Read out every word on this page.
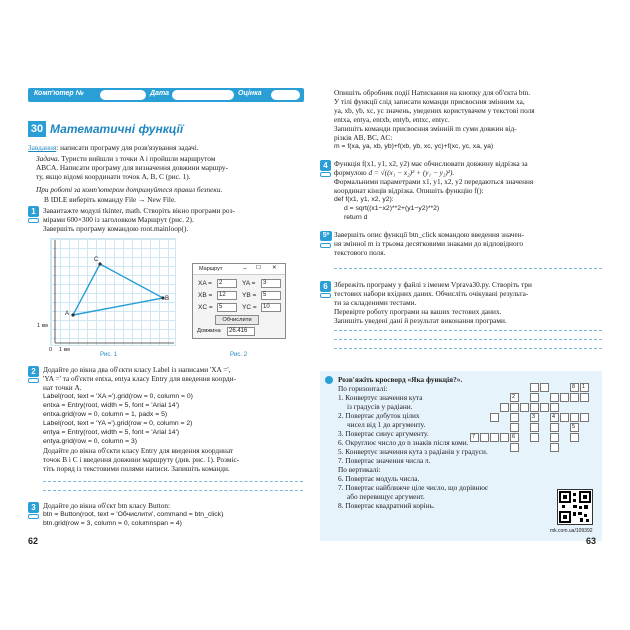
Комп'ютер №	Дата	Оцінка
30 Математичні функції
Завдання: написати програму для розв'язування задачі.
Задача. Туристи вийшли з точки A і пройшли маршрутом
ABCA. Написати програму для визначення довжини маршру-
ту, якщо відомі координати точок A, B, C (рис. 1).
При роботі за комп'ютером дотримуйтеся правил безпеки.
В IDLE виберіть команду File → New File.
1 Завантажте модулі tkinter, math. Створіть вікно програми роз-
мірами 600×300 із заголовком Маршрут (рис. 2).
Завершіть програму командою root.mainloop().
A
B
C
1 км
1 км
0
Рис. 1
Маршрут	– ☐ ✕
XA =	2	YA =	3
XB =	12	YB =	5
XC =	5	YC =	10
Обчислити
Довжина	26.416
Рис. 2
2 Додайте до вікна два об'єкти класу Label із написами 'XA =',
'YA =' та об'єкти entxa, entya класу Entry для введення коорди-
нат точки A.
Label(root, text = 'XA =').grid(row = 0, column = 0)
entxa = Entry(root, width = 5, font = 'Arial 14')
entxa.grid(row = 0, column = 1, padx = 5)
Label(root, text = 'YA =').grid(row = 0, column = 2)
entya = Entry(root, width = 5, font = 'Arial 14')
entya.grid(row = 0, column = 3)
Додайте до вікна об'єкти класу Entry для введення координат
точок B і C і введення довжини маршруту (див. рис. 1). Розміс-
тіть поряд із текстовими полями написи. Запишіть команди.
3 Додайте до вікна об'єкт btn класу Button:
btn = Button(root, text = 'Обчислити', command = btn_click)
btn.grid(row = 3, column = 0, columnspan = 4)
62
Опишіть обробник події Натискання на кнопку для об'єкта btn.
У тілі функції слід записати команди присвоєння змінним xa,
ya, xb, yb, xc, yc значень, уведених користувачем у текстові поля
entxa, entya, entxb, entyb, entxc, entyc.
Запишіть команди присвоєння змінній m суми довжин від-
різків AB, BC, AC:
m = f(xa, ya, xb, yb)+f(xb, yb, xc, yc)+f(xc, yc, xa, ya)
4 Функція f(x1, y1, x2, y2) має обчислювати довжину відрізка за
формулою d = √((x₁ − x₂)² + (y₁ − y₂)²).
Формальними параметрами x1, y1, x2, y2 передаються значення
координат кінців відрізка. Опишіть функцію f():
def f(x1, y1, x2, y2):
d = sqrt((x1−x2)**2+(y1−y2)**2)
return d
5* Завершіть опис функції btn_click командою введення значен-
ня змінної m із трьома десятковими знаками до відповідного
текстового поля.
6 Збережіть програму у файлі з іменем Vprava30.py. Створіть три
тестових набори вхідних даних. Обчисліть очікувані результа-
ти за складеними тестами.
Перевірте роботу програми на ваших тестових даних.
Запишіть уведені дані й результат виконання програми.
Розв'яжіть кросворд «Яка функція?».
По горизонталі:
1. Конвертує значення кута
із градусів у радіани.
2. Повертає добуток цілих
чисел від 1 до аргументу.
3. Повертає синус аргументу.
6. Округлює число до n знаків після коми.
5. Конвертує значення кута з радіанів у градуси.
7. Повертає значення числа π.
По вертикалі:
6. Повертає модуль числа.
7. Повертає найближче ціле число, що дорівнює
або перевищує аргумент.
8. Повертає квадратний корінь.
8	1
2
3	4
5
7	6
mk.com.ua/109392
63
